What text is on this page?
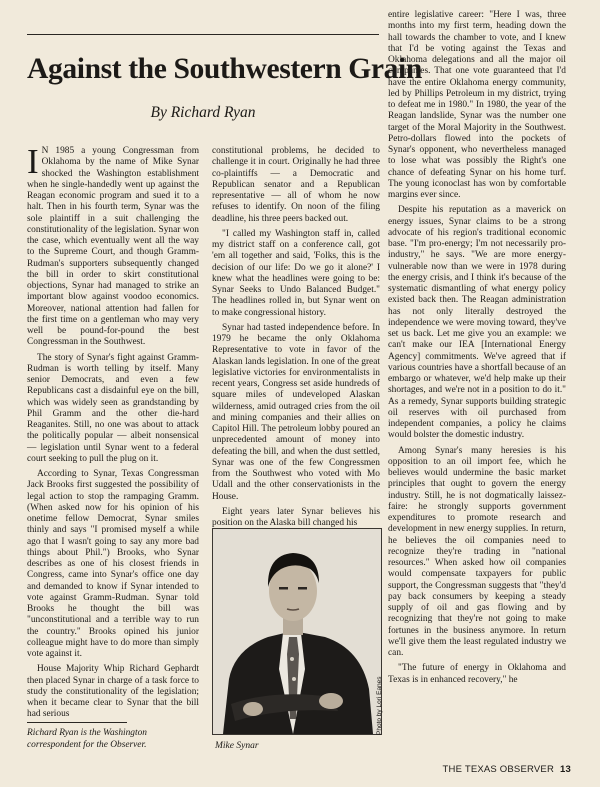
Against the Southwestern Grain
By Richard Ryan

I N 1985 a young Congressman from Oklahoma by the name of Mike Synar shocked the Washington establishment when he single-handedly went up against the Reagan economic program and sued it to a halt. Then in his fourth term, Synar was the sole plaintiff in a suit challenging the constitutionality of the legislation. Synar won the case, which eventually went all the way to the Supreme Court, and though Gramm-Rudman's supporters subsequently changed the bill in order to skirt constitutional objections, Synar had managed to strike an important blow against voodoo economics. Moreover, national attention had fallen for the first time on a gentleman who may very well be pound-for-pound the best Congressman in the Southwest.

The story of Synar's fight against Gramm-Rudman is worth telling by itself. Many senior Democrats, and even a few Republicans cast a disdainful eye on the bill, which was widely seen as grandstanding by Phil Gramm and the other die-hard Reaganites. Still, no one was about to attack the politically popular — albeit nonsensical — legislation until Synar went to a federal court seeking to pull the plug on it.

According to Synar, Texas Congressman Jack Brooks first suggested the possibility of legal action to stop the rampaging Gramm. (When asked now for his opinion of his onetime fellow Democrat, Synar smiles thinly and says "I promised myself a while ago that I wasn't going to say any more bad things about Phil.") Brooks, who Synar describes as one of his closest friends in Congress, came into Synar's office one day and demanded to know if Synar intended to vote against Gramm-Rudman. Synar told Brooks he thought the bill was "unconstitutional and a terrible way to run the country." Brooks opined his junior colleague might have to do more than simply vote against it.

House Majority Whip Richard Gephardt then placed Synar in charge of a task force to study the constitutionality of the legislation; when it became clear to Synar that the bill had serious

Richard Ryan is the Washington correspondent for the Observer.

constitutional problems, he decided to challenge it in court. Originally he had three co-plaintiffs — a Democratic and Republican senator and a Republican representative — all of whom he now refuses to identify. On noon of the filing deadline, his three peers backed out.

"I called my Washington staff in, called my district staff on a conference call, got 'em all together and said, 'Folks, this is the decision of our life: Do we go it alone?' I knew what the headlines were going to be: Synar Seeks to Undo Balanced Budget." The headlines rolled in, but Synar went on to make congressional history.

Synar had tasted independence before. In 1979 he became the only Oklahoma Representative to vote in favor of the Alaskan lands legislation. In one of the great legislative victories for environmentalists in recent years, Congress set aside hundreds of square miles of undeveloped Alaskan wilderness, amid outraged cries from the oil and mining companies and their allies on Capitol Hill. The petroleum lobby poured an unprecedented amount of money into defeating the bill, and when the dust settled, Synar was one of the few Congressmen from the Southwest who voted with Mo Udall and the other conservationists in the House.

Eight years later Synar believes his position on the Alaska bill changed his

Mike Synar
Photo by Lori Eanes

entire legislative career: "Here I was, three months into my first term, heading down the hall towards the chamber to vote, and I knew that I'd be voting against the Texas and Oklahoma delegations and all the major oil companies. That one vote guaranteed that I'd have the entire Oklahoma energy community, led by Phillips Petroleum in my district, trying to defeat me in 1980." In 1980, the year of the Reagan landslide, Synar was the number one target of the Moral Majority in the Southwest. Petro-dollars flowed into the pockets of Synar's opponent, who nevertheless managed to lose what was possibly the Right's one chance of defeating Synar on his home turf. The young iconoclast has won by comfortable margins ever since.

Despite his reputation as a maverick on energy issues, Synar claims to be a strong advocate of his region's traditional economic base. "I'm pro-energy; I'm not necessarily pro-industry," he says. "We are more energy-vulnerable now than we were in 1978 during the energy crisis, and I think it's because of the systematic dismantling of what energy policy existed back then. The Reagan administration has not only literally destroyed the independence we were moving toward, they've set us back. Let me give you an example: we can't make our IEA [International Energy Agency] commitments. We've agreed that if various countries have a shortfall because of an embargo or whatever, we'd help make up their shortages, and we're not in a position to do it." As a remedy, Synar supports building strategic oil reserves with oil purchased from independent companies, a policy he claims would bolster the domestic industry.

Among Synar's many heresies is his opposition to an oil import fee, which he believes would undermine the basic market principles that ought to govern the energy industry. Still, he is not dogmatically laissez-faire: he strongly supports government expenditures to promote research and development in new energy supplies. In return, he believes the oil companies need to recognize they're trading in "national resources." When asked how oil companies would compensate taxpayers for public support, the Congressman suggests that "they'd pay back consumers by keeping a steady supply of oil and gas flowing and by recognizing that they're not going to make fortunes in the business anymore. In return we'll give them the least regulated industry we can.

"The future of energy in Oklahoma and Texas is in enhanced recovery," he

THE TEXAS OBSERVER 13
